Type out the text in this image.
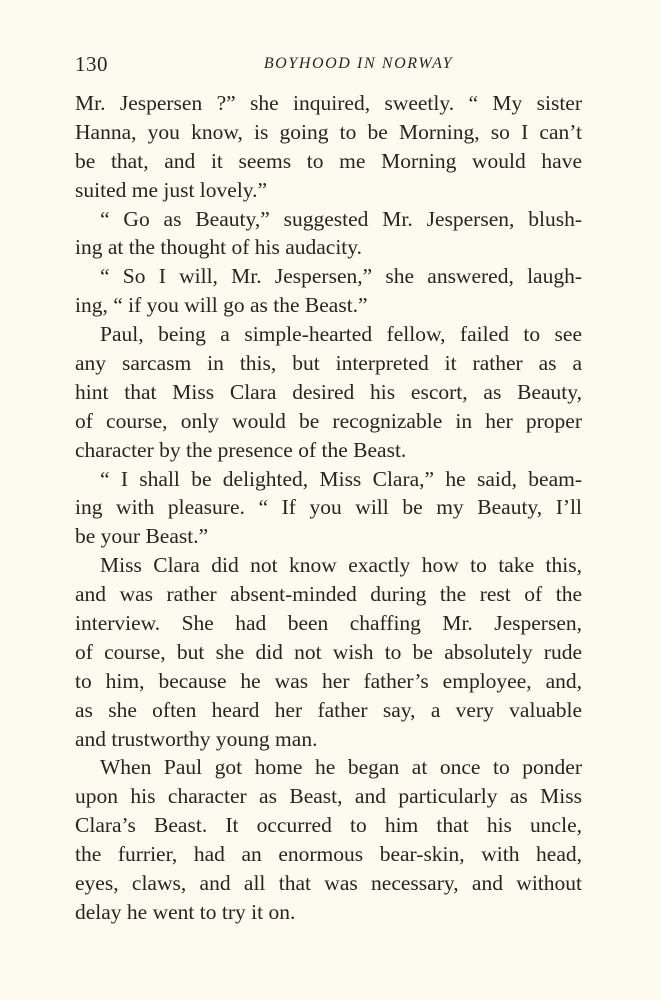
130	BOYHOOD IN NORWAY
Mr. Jespersen ?” she inquired, sweetly. “ My sister
Hanna, you know, is going to be Morning, so I can’t
be that, and it seems to me Morning would have
suited me just lovely.”
“ Go as Beauty,” suggested Mr. Jespersen, blush-
ing at the thought of his audacity.
“ So I will, Mr. Jespersen,” she answered, laugh-
ing, “ if you will go as the Beast.”
Paul, being a simple-hearted fellow, failed to see
any sarcasm in this, but interpreted it rather as a
hint that Miss Clara desired his escort, as Beauty,
of course, only would be recognizable in her proper
character by the presence of the Beast.
“ I shall be delighted, Miss Clara,” he said, beam-
ing with pleasure. “ If you will be my Beauty, I’ll
be your Beast.”
Miss Clara did not know exactly how to take this,
and was rather absent-minded during the rest of the
interview. She had been chaffing Mr. Jespersen,
of course, but she did not wish to be absolutely rude
to him, because he was her father’s employee, and,
as she often heard her father say, a very valuable
and trustworthy young man.
When Paul got home he began at once to ponder
upon his character as Beast, and particularly as Miss
Clara’s Beast. It occurred to him that his uncle,
the furrier, had an enormous bear-skin, with head,
eyes, claws, and all that was necessary, and without
delay he went to try it on.
